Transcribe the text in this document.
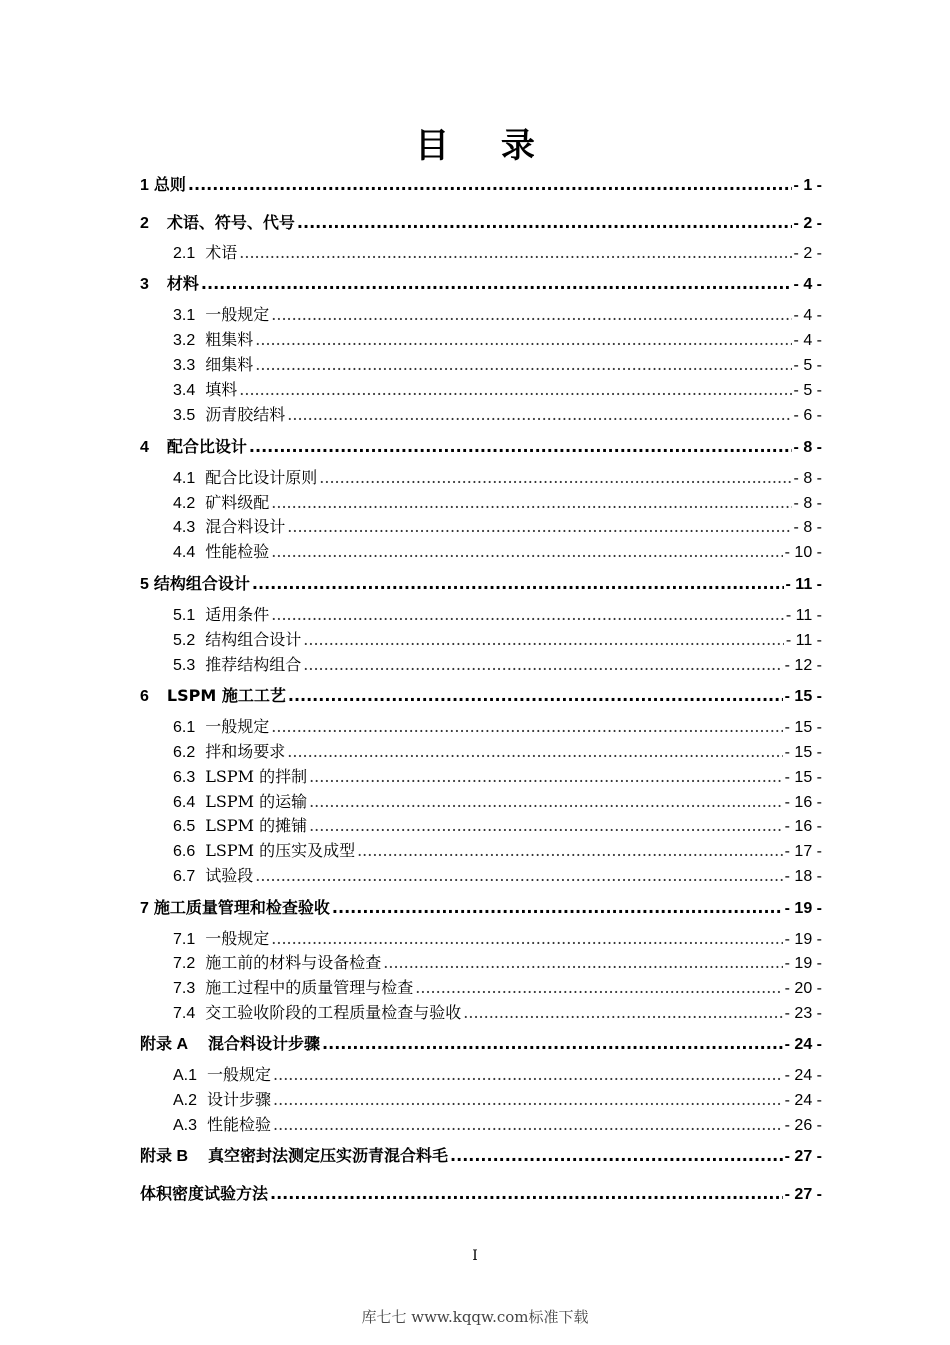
目 录
1 总则 .....	- 1 -
2 术语、符号、代号 .....	- 2 -
2.1 术语 .....	- 2 -
3 材料 .....	- 4 -
3.1 一般规定 .....	- 4 -
3.2 粗集料 .....	- 4 -
3.3 细集料 .....	- 5 -
3.4 填料 .....	- 5 -
3.5 沥青胶结料 .....	- 6 -
4 配合比设计 .....	- 8 -
4.1 配合比设计原则 .....	- 8 -
4.2 矿料级配 .....	- 8 -
4.3 混合料设计 .....	- 8 -
4.4 性能检验 .....	- 10 -
5 结构组合设计 .....	- 11 -
5.1 适用条件 .....	- 11 -
5.2 结构组合设计 .....	- 11 -
5.3 推荐结构组合 .....	- 12 -
6 LSPM 施工工艺 .....	- 15 -
6.1 一般规定 .....	- 15 -
6.2 拌和场要求 .....	- 15 -
6.3 LSPM 的拌制 .....	- 15 -
6.4 LSPM 的运输 .....	- 16 -
6.5 LSPM 的摊铺 .....	- 16 -
6.6 LSPM 的压实及成型 .....	- 17 -
6.7 试验段 .....	- 18 -
7 施工质量管理和检查验收 .....	- 19 -
7.1 一般规定 .....	- 19 -
7.2 施工前的材料与设备检查 .....	- 19 -
7.3 施工过程中的质量管理与检查 .....	- 20 -
7.4 交工验收阶段的工程质量检查与验收 .....	- 23 -
附录 A 混合料设计步骤 .....	- 24 -
A.1 一般规定 .....	- 24 -
A.2 设计步骤 .....	- 24 -
A.3 性能检验 .....	- 26 -
附录 B 真空密封法测定压实沥青混合料毛 .....	- 27 -
体积密度试验方法 .....	- 27 -
I
库七七 www.kqqw.com标准下载
